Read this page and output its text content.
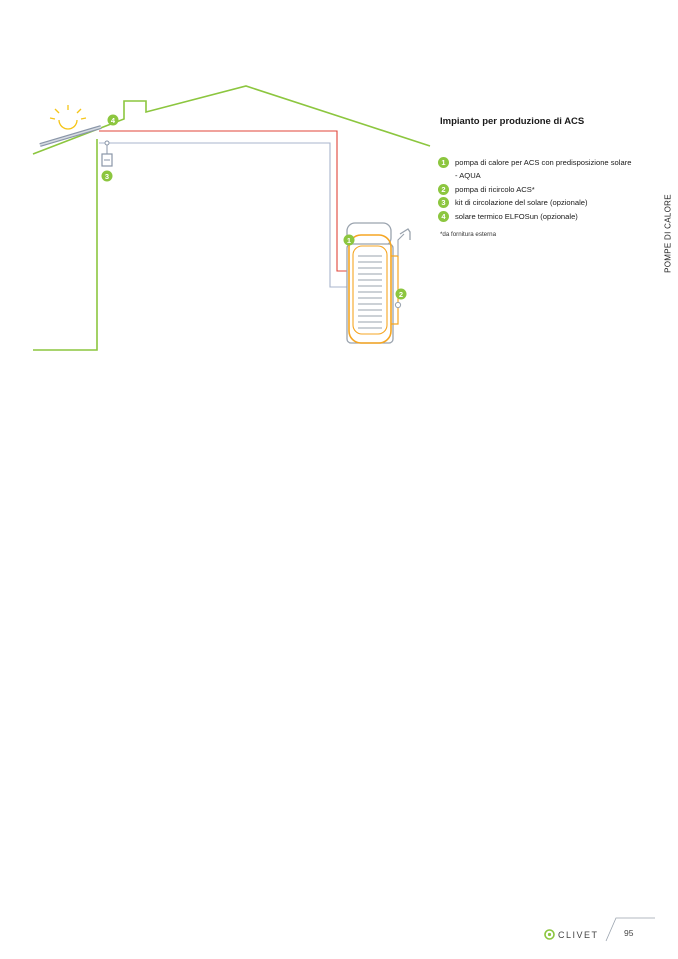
1
2
3
4	Impianto per produzione di ACS
1	pompa di calore per ACS con predisposizione solare
- AQUA
2	pompa di ricircolo ACS*
3	kit di circolazione del solare (opzionale)
4	solare termico ELFOSun (opzionale)
*da fornitura esterna	POMPE DI CALORE
CLIVET	95
